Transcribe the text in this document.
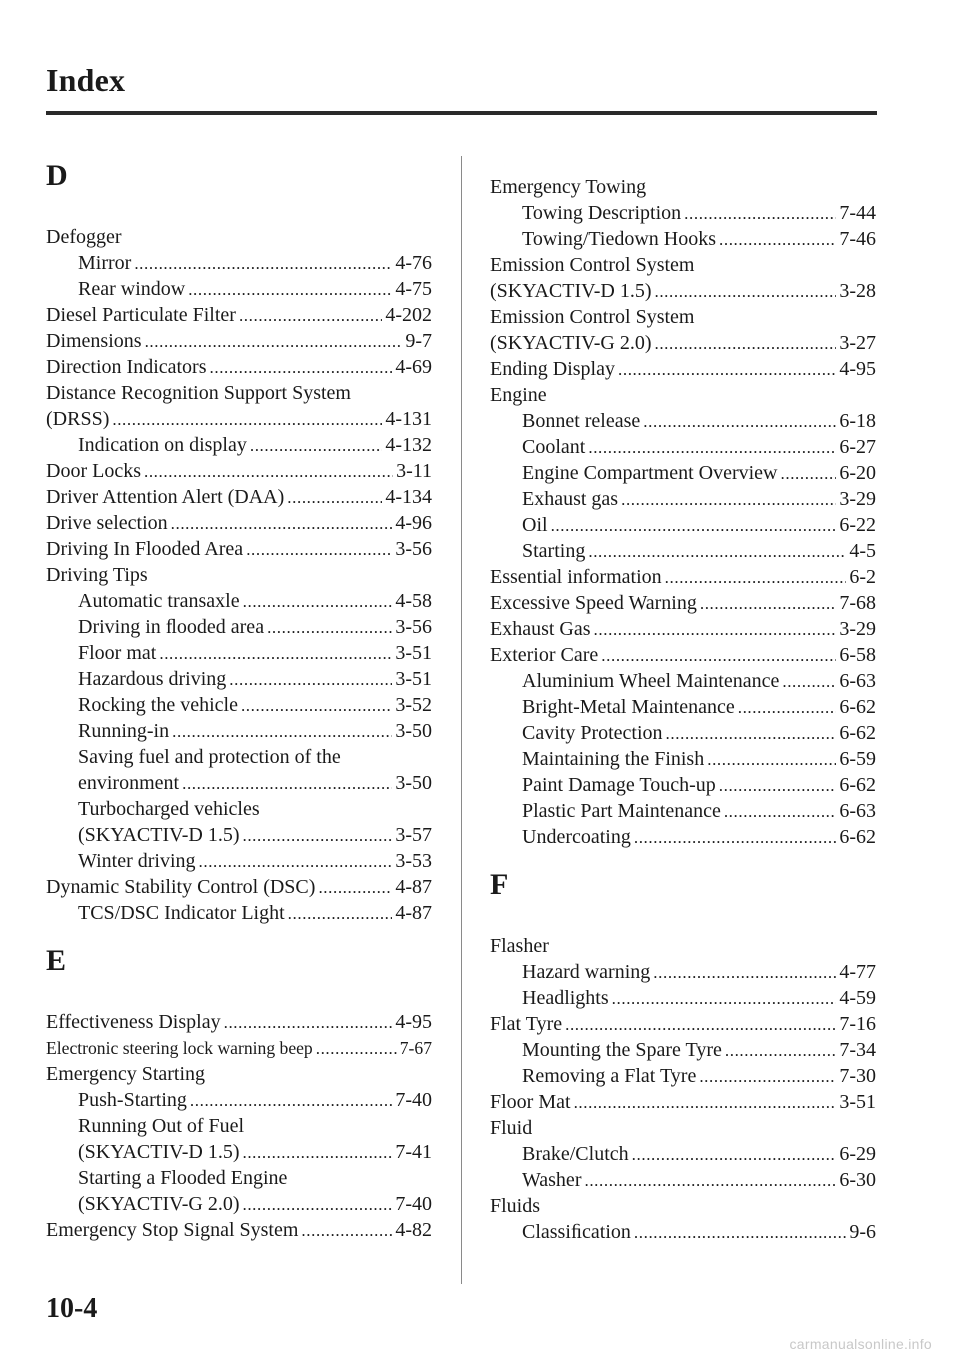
Index
D
Defogger
Mirror .....	4-76
Rear window .....	4-75
Diesel Particulate Filter .....	4-202
Dimensions .....	9-7
Direction Indicators .....	4-69
Distance Recognition Support System
(DRSS) .....	4-131
Indication on display .....	4-132
Door Locks .....	3-11
Driver Attention Alert (DAA) .....	4-134
Drive selection .....	4-96
Driving In Flooded Area .....	3-56
Driving Tips
Automatic transaxle .....	4-58
Driving in ﬂooded area .....	3-56
Floor mat .....	3-51
Hazardous driving .....	3-51
Rocking the vehicle .....	3-52
Running-in .....	3-50
Saving fuel and protection of the
environment .....	3-50
Turbocharged vehicles
(SKYACTIV-D 1.5) .....	3-57
Winter driving .....	3-53
Dynamic Stability Control (DSC) .....	4-87
TCS/DSC Indicator Light .....	4-87
E
Effectiveness Display .....	4-95
Electronic steering lock warning beep .....	7-67
Emergency Starting
Push-Starting .....	7-40
Running Out of Fuel
(SKYACTIV-D 1.5) .....	7-41
Starting a Flooded Engine
(SKYACTIV-G 2.0) .....	7-40
Emergency Stop Signal System .....	4-82
Emergency Towing
Towing Description .....	7-44
Towing/Tiedown Hooks .....	7-46
Emission Control System
(SKYACTIV-D 1.5) .....	3-28
Emission Control System
(SKYACTIV-G 2.0) .....	3-27
Ending Display .....	4-95
Engine
Bonnet release .....	6-18
Coolant .....	6-27
Engine Compartment Overview .....	6-20
Exhaust gas .....	3-29
Oil .....	6-22
Starting .....	4-5
Essential information .....	6-2
Excessive Speed Warning .....	7-68
Exhaust Gas .....	3-29
Exterior Care .....	6-58
Aluminium Wheel Maintenance .....	6-63
Bright-Metal Maintenance .....	6-62
Cavity Protection .....	6-62
Maintaining the Finish .....	6-59
Paint Damage Touch-up .....	6-62
Plastic Part Maintenance .....	6-63
Undercoating .....	6-62
F
Flasher
Hazard warning .....	4-77
Headlights .....	4-59
Flat Tyre .....	7-16
Mounting the Spare Tyre .....	7-34
Removing a Flat Tyre .....	7-30
Floor Mat .....	3-51
Fluid
Brake/Clutch .....	6-29
Washer .....	6-30
Fluids
Classiﬁcation .....	9-6
10-4
carmanualsonline.info
